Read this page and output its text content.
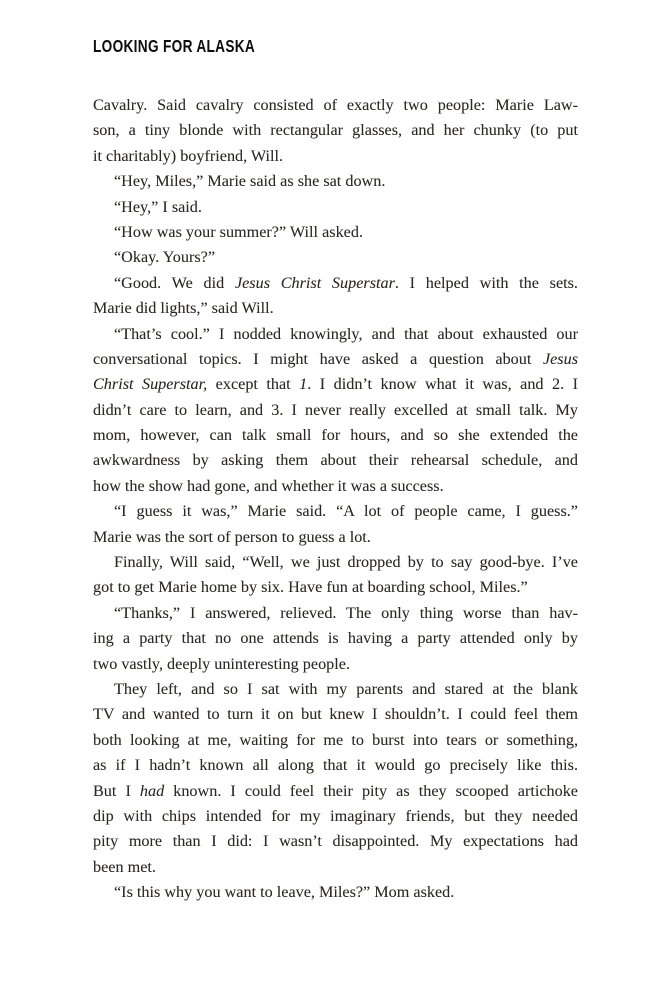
LOOKING FOR ALASKA
Cavalry. Said cavalry consisted of exactly two people: Marie Law-
son, a tiny blonde with rectangular glasses, and her chunky (to put
it charitably) boyfriend, Will.
“Hey, Miles,” Marie said as she sat down.
“Hey,” I said.
“How was your summer?” Will asked.
“Okay. Yours?”
“Good. We did Jesus Christ Superstar. I helped with the sets.
Marie did lights,” said Will.
“That’s cool.” I nodded knowingly, and that about exhausted our
conversational topics. I might have asked a question about Jesus
Christ Superstar, except that 1. I didn’t know what it was, and 2. I
didn’t care to learn, and 3. I never really excelled at small talk. My
mom, however, can talk small for hours, and so she extended the
awkwardness by asking them about their rehearsal schedule, and
how the show had gone, and whether it was a success.
“I guess it was,” Marie said. “A lot of people came, I guess.”
Marie was the sort of person to guess a lot.
Finally, Will said, “Well, we just dropped by to say good-bye. I’ve
got to get Marie home by six. Have fun at boarding school, Miles.”
“Thanks,” I answered, relieved. The only thing worse than hav-
ing a party that no one attends is having a party attended only by
two vastly, deeply uninteresting people.
They left, and so I sat with my parents and stared at the blank
TV and wanted to turn it on but knew I shouldn’t. I could feel them
both looking at me, waiting for me to burst into tears or something,
as if I hadn’t known all along that it would go precisely like this.
But I had known. I could feel their pity as they scooped artichoke
dip with chips intended for my imaginary friends, but they needed
pity more than I did: I wasn’t disappointed. My expectations had
been met.
“Is this why you want to leave, Miles?” Mom asked.
